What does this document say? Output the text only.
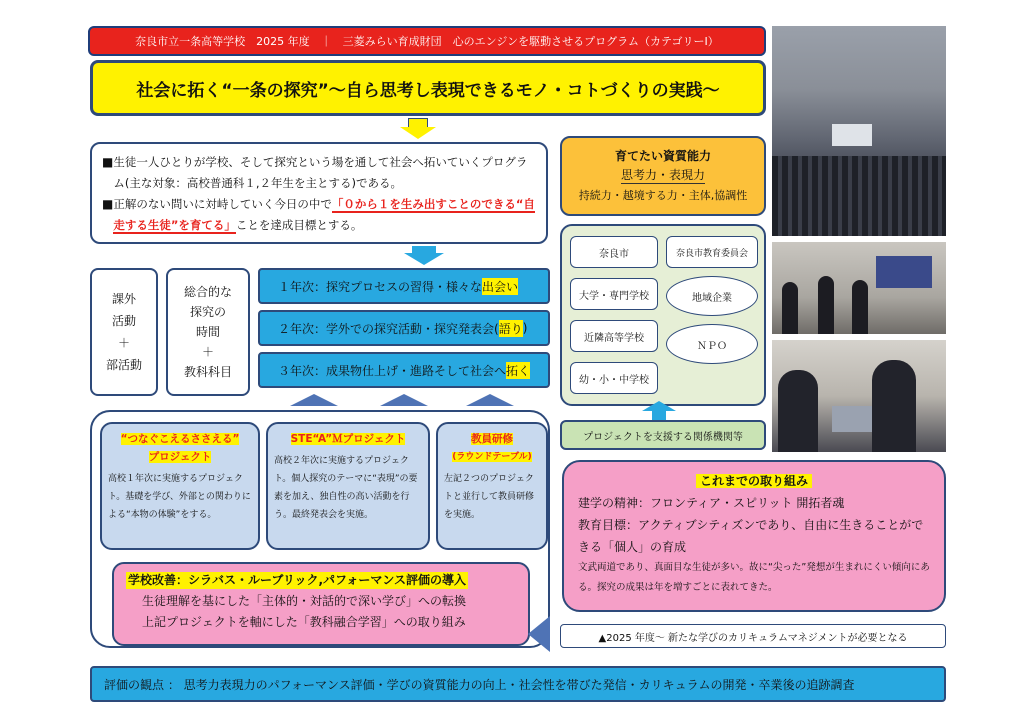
奈良市立一条高等学校　2025 年度　｜　三菱みらい育成財団　心のエンジンを駆動させるプログラム（カテゴリーⅠ）
社会に拓く“一条の探究”～自ら思考し表現できるモノ・コトづくりの実践～
■ 生徒一人ひとりが学校、そして探究という場を通して社会へ拓いていくプログラム(主な対象：高校普通科１,２年生を主とする)である。
■ 正解のない問いに対峙していく今日の中で「０から１を生み出すことのできる“自走する生徒”を育てる」ことを達成目標とする。
育てたい資質能力
思考力・表現力
持続力・越境する力・主体,協調性
奈良市	奈良市教育委員会
大学・専門学校	地域企業
近隣高等学校
ＮＰＯ
幼・小・中学校
プロジェクトを支援する関係機関等
課外
活動
＋
部活動
総合的な
探究の
時間
＋
教科科目
１年次：探究プロセスの習得・様々な 出会い
２年次：学外での探究活動・探究発表会( 語り )
３年次：成果物仕上げ・進路そして社会へ 拓く
“つなぐこえるささえる”
プロジェクト
高校１年次に実施するプロジェクト。基礎を学び、外部との関わりによる“本物の体験”をする。
STE“A”Ｍプロジェクト
高校２年次に実施するプロジェクト。個人探究のテーマに“表現”の要素を加え、独自性の高い活動を行う。最終発表会を実施。
教員研修
(ラウンドテーブル)
左記２つのプロジェクトと並行して教員研修を実施。
学校改善：シラバス・ルーブリック,パフォーマンス評価の導入
生徒理解を基にした「主体的・対話的で深い学び」への転換
上記プロジェクトを軸にした「教科融合学習」への取り組み
これまでの取り組み
建学の精神：フロンティア・スピリット 開拓者魂
教育目標：アクティブシティズンであり、自由に生きることができる「個人」の育成
文武両道であり、真面目な生徒が多い。故に“尖った”発想が生まれにくい傾向にある。探究の成果は年を増すごとに表れてきた。
▲2025 年度～ 新たな学びのカリキュラムマネジメントが必要となる
評価の観点 ： 思考力表現力のパフォーマンス評価・学びの資質能力の向上・社会性を帯びた発信・カリキュラムの開発・卒業後の追跡調査
